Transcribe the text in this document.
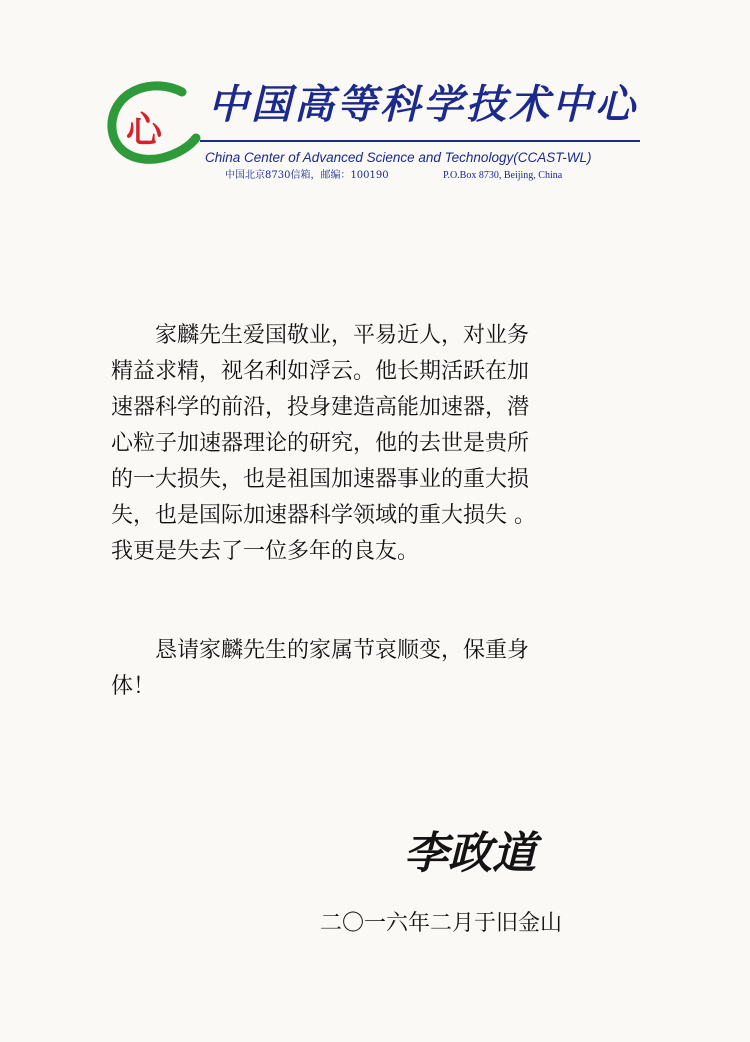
心
中国高等科学技术中心
China Center of Advanced Science and Technology(CCAST-WL)
中国北京8730信箱，邮编：100190	P.O.Box 8730, Beijing, China
家麟先生爱国敬业，平易近人，对业务
精益求精，视名利如浮云。他长期活跃在加
速器科学的前沿，投身建造高能加速器，潜
心粒子加速器理论的研究，他的去世是贵所
的一大损失，也是祖国加速器事业的重大损
失，也是国际加速器科学领域的重大损失 。
我更是失去了一位多年的良友。
恳请家麟先生的家属节哀顺变，保重身
体！
李政道
二〇一六年二月于旧金山
